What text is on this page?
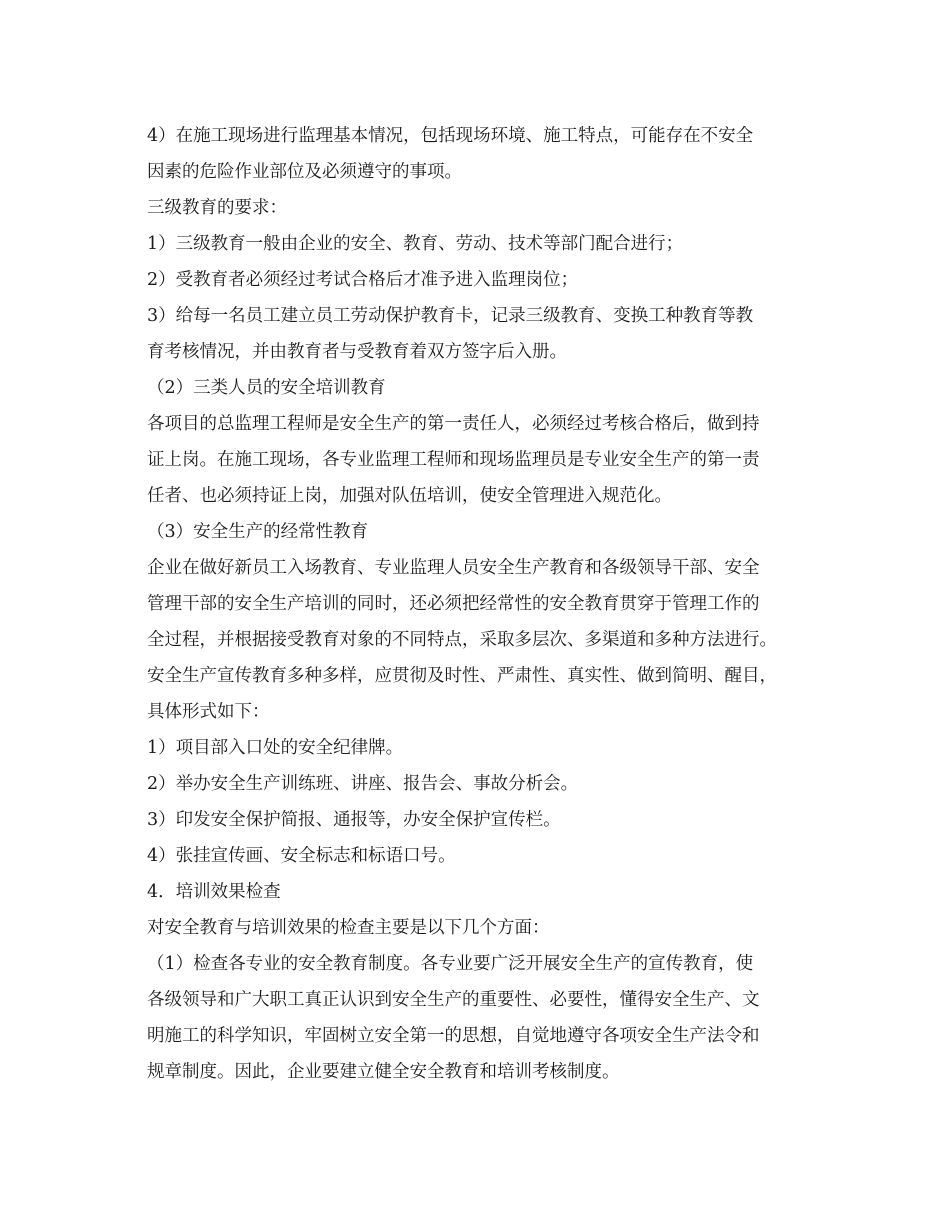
4）在施工现场进行监理基本情况，包括现场环境、施工特点，可能存在不安全
因素的危险作业部位及必须遵守的事项。
三级教育的要求：
1）三级教育一般由企业的安全、教育、劳动、技术等部门配合进行；
2）受教育者必须经过考试合格后才准予进入监理岗位；
3）给每一名员工建立员工劳动保护教育卡，记录三级教育、变换工种教育等教
育考核情况，并由教育者与受教育着双方签字后入册。
（2）三类人员的安全培训教育
各项目的总监理工程师是安全生产的第一责任人，必须经过考核合格后，做到持
证上岗。在施工现场，各专业监理工程师和现场监理员是专业安全生产的第一责
任者、也必须持证上岗，加强对队伍培训，使安全管理进入规范化。
（3）安全生产的经常性教育
企业在做好新员工入场教育、专业监理人员安全生产教育和各级领导干部、安全
管理干部的安全生产培训的同时，还必须把经常性的安全教育贯穿于管理工作的
全过程，并根据接受教育对象的不同特点，采取多层次、多渠道和多种方法进行。
安全生产宣传教育多种多样，应贯彻及时性、严肃性、真实性、做到简明、醒目，
具体形式如下：
1）项目部入口处的安全纪律牌。
2）举办安全生产训练班、讲座、报告会、事故分析会。
3）印发安全保护简报、通报等，办安全保护宣传栏。
4）张挂宣传画、安全标志和标语口号。
4．培训效果检查
对安全教育与培训效果的检查主要是以下几个方面：
（1）检查各专业的安全教育制度。各专业要广泛开展安全生产的宣传教育，使
各级领导和广大职工真正认识到安全生产的重要性、必要性，懂得安全生产、文
明施工的科学知识，牢固树立安全第一的思想，自觉地遵守各项安全生产法令和
规章制度。因此，企业要建立健全安全教育和培训考核制度。
